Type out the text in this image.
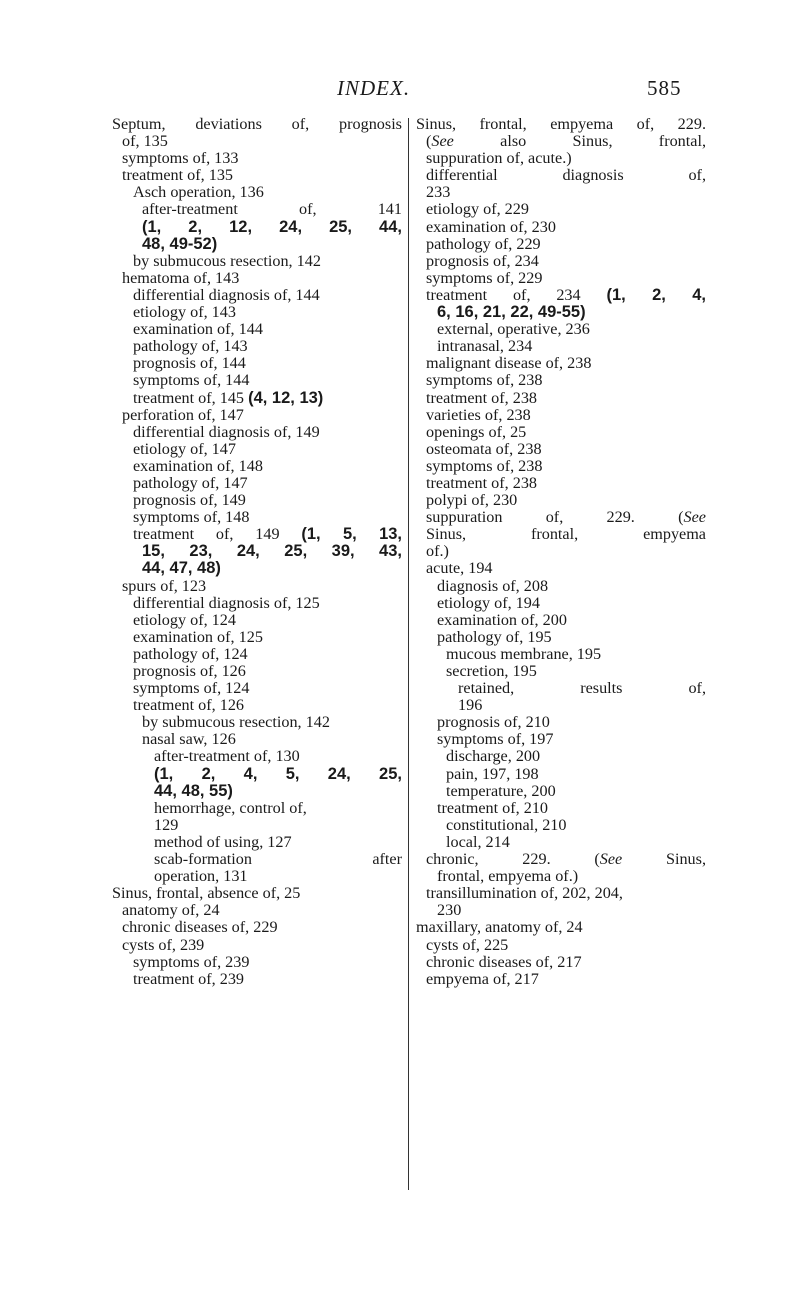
INDEX.	585
Septum, deviations of, prognosis
of, 135
symptoms of, 133
treatment of, 135
Asch operation, 136
after-treatment of, 141
(1, 2, 12, 24, 25, 44,
48, 49-52)
by submucous resection, 142
hematoma of, 143
differential diagnosis of, 144
etiology of, 143
examination of, 144
pathology of, 143
prognosis of, 144
symptoms of, 144
treatment of, 145 (4, 12, 13)
perforation of, 147
differential diagnosis of, 149
etiology of, 147
examination of, 148
pathology of, 147
prognosis of, 149
symptoms of, 148
treatment of, 149 (1, 5, 13,
15, 23, 24, 25, 39, 43,
44, 47, 48)
spurs of, 123
differential diagnosis of, 125
etiology of, 124
examination of, 125
pathology of, 124
prognosis of, 126
symptoms of, 124
treatment of, 126
by submucous resection, 142
nasal saw, 126
after-treatment of, 130
(1, 2, 4, 5, 24, 25,
44, 48, 55)
hemorrhage, control of,
129
method of using, 127
scab-formation after
operation, 131
Sinus, frontal, absence of, 25
anatomy of, 24
chronic diseases of, 229
cysts of, 239
symptoms of, 239
treatment of, 239
Sinus, frontal, empyema of, 229.
(See also Sinus, frontal,
suppuration of, acute.)
differential diagnosis of,
233
etiology of, 229
examination of, 230
pathology of, 229
prognosis of, 234
symptoms of, 229
treatment of, 234 (1, 2, 4,
6, 16, 21, 22, 49-55)
external, operative, 236
intranasal, 234
malignant disease of, 238
symptoms of, 238
treatment of, 238
varieties of, 238
openings of, 25
osteomata of, 238
symptoms of, 238
treatment of, 238
polypi of, 230
suppuration of, 229. (See
Sinus, frontal, empyema
of.)
acute, 194
diagnosis of, 208
etiology of, 194
examination of, 200
pathology of, 195
mucous membrane, 195
secretion, 195
retained, results of,
196
prognosis of, 210
symptoms of, 197
discharge, 200
pain, 197, 198
temperature, 200
treatment of, 210
constitutional, 210
local, 214
chronic, 229. (See Sinus,
frontal, empyema of.)
transillumination of, 202, 204,
230
maxillary, anatomy of, 24
cysts of, 225
chronic diseases of, 217
empyema of, 217
